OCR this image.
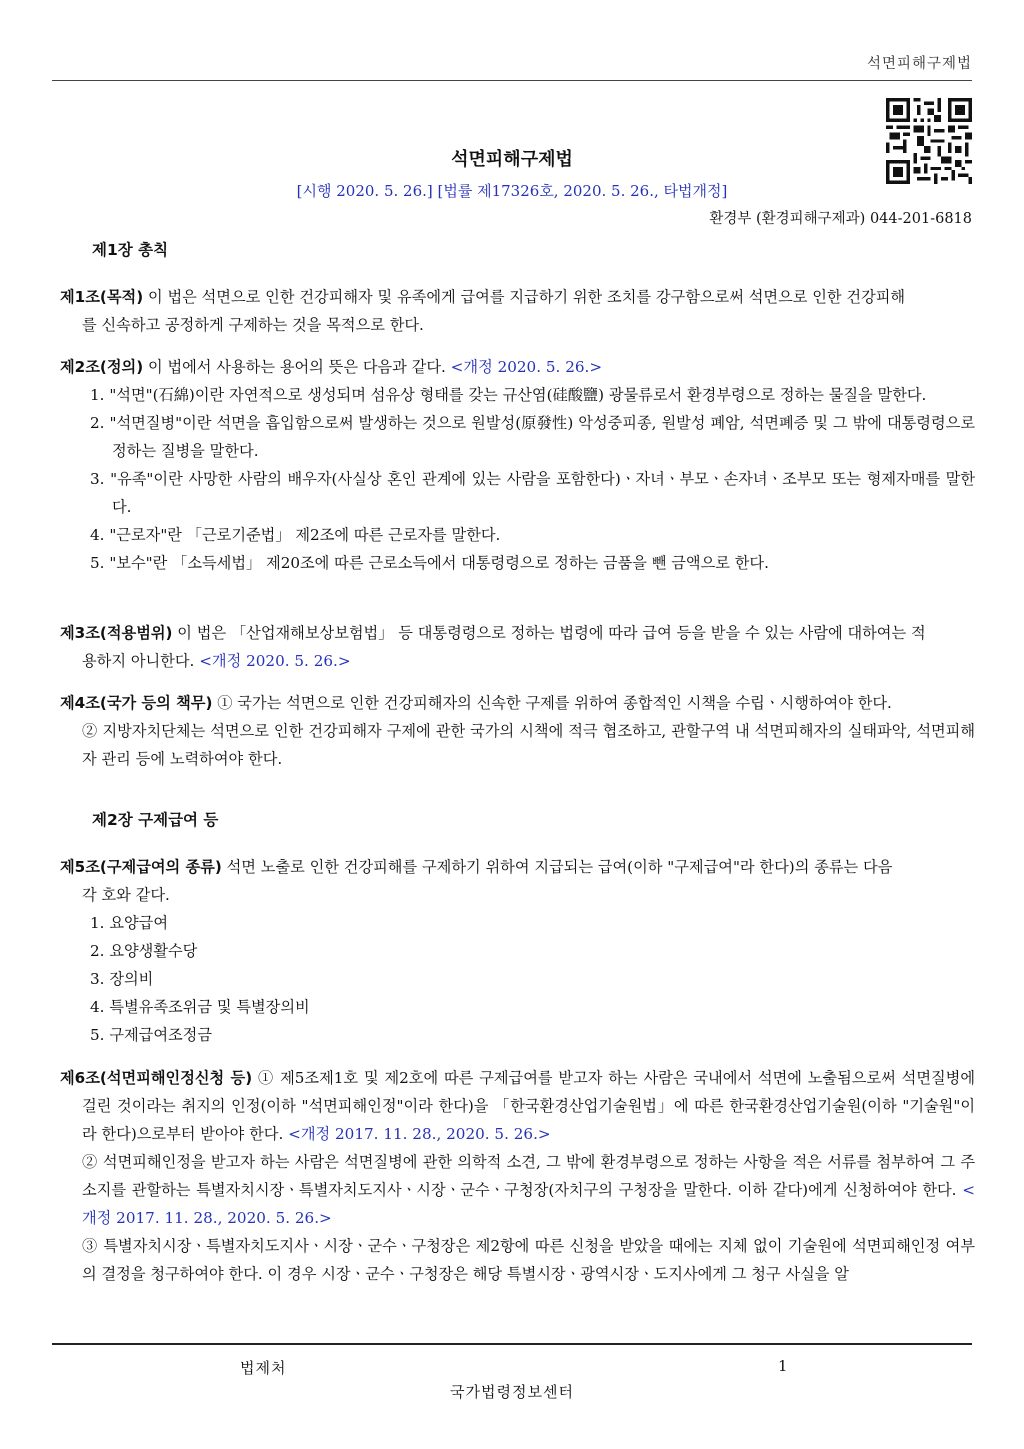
석면피해구제법
석면피해구제법
[시행 2020. 5. 26.] [법률 제17326호, 2020. 5. 26., 타법개정]
환경부 (환경피해구제과) 044-201-6818
제1장 총칙
제1조(목적) 이 법은 석면으로 인한 건강피해자 및 유족에게 급여를 지급하기 위한 조치를 강구함으로써 석면으로 인한 건강피해
를 신속하고 공정하게 구제하는 것을 목적으로 한다.
제2조(정의) 이 법에서 사용하는 용어의 뜻은 다음과 같다. <개정 2020. 5. 26.>
1. "석면"(石綿)이란 자연적으로 생성되며 섬유상 형태를 갖는 규산염(硅酸鹽) 광물류로서 환경부령으로 정하는 물질을 말한다.
2. "석면질병"이란 석면을 흡입함으로써 발생하는 것으로 원발성(原發性) 악성중피종, 원발성 폐암, 석면폐증 및 그 밖에 대통령령으로 정하는 질병을 말한다.
3. "유족"이란 사망한 사람의 배우자(사실상 혼인 관계에 있는 사람을 포함한다)ㆍ자녀ㆍ부모ㆍ손자녀ㆍ조부모 또는 형제자매를 말한다.
4. "근로자"란 「근로기준법」 제2조에 따른 근로자를 말한다.
5. "보수"란 「소득세법」 제20조에 따른 근로소득에서 대통령령으로 정하는 금품을 뺀 금액으로 한다.
제3조(적용범위) 이 법은 「산업재해보상보험법」 등 대통령령으로 정하는 법령에 따라 급여 등을 받을 수 있는 사람에 대하여는 적
용하지 아니한다. <개정 2020. 5. 26.>
제4조(국가 등의 책무) ① 국가는 석면으로 인한 건강피해자의 신속한 구제를 위하여 종합적인 시책을 수립ㆍ시행하여야 한다.
② 지방자치단체는 석면으로 인한 건강피해자 구제에 관한 국가의 시책에 적극 협조하고, 관할구역 내 석면피해자의 실태파악, 석면피해자 관리 등에 노력하여야 한다.
제2장 구제급여 등
제5조(구제급여의 종류) 석면 노출로 인한 건강피해를 구제하기 위하여 지급되는 급여(이하 "구제급여"라 한다)의 종류는 다음
각 호와 같다.
1. 요양급여
2. 요양생활수당
3. 장의비
4. 특별유족조위금 및 특별장의비
5. 구제급여조정금
제6조(석면피해인정신청 등) ① 제5조제1호 및 제2호에 따른 구제급여를 받고자 하는 사람은 국내에서 석면에 노출됨으로써 석면질병에 걸린 것이라는 취지의 인정(이하 "석면피해인정"이라 한다)을 「한국환경산업기술원법」에 따른 한국환경산업기술원(이하 "기술원"이라 한다)으로부터 받아야 한다. <개정 2017. 11. 28., 2020. 5. 26.>
② 석면피해인정을 받고자 하는 사람은 석면질병에 관한 의학적 소견, 그 밖에 환경부령으로 정하는 사항을 적은 서류를 첨부하여 그 주소지를 관할하는 특별자치시장ㆍ특별자치도지사ㆍ시장ㆍ군수ㆍ구청장(자치구의 구청장을 말한다. 이하 같다)에게 신청하여야 한다. <개정 2017. 11. 28., 2020. 5. 26.>
③ 특별자치시장ㆍ특별자치도지사ㆍ시장ㆍ군수ㆍ구청장은 제2항에 따른 신청을 받았을 때에는 지체 없이 기술원에 석면피해인정 여부의 결정을 청구하여야 한다. 이 경우 시장ㆍ군수ㆍ구청장은 해당 특별시장ㆍ광역시장ㆍ도지사에게 그 청구 사실을 알
법제처	1
국가법령정보센터
